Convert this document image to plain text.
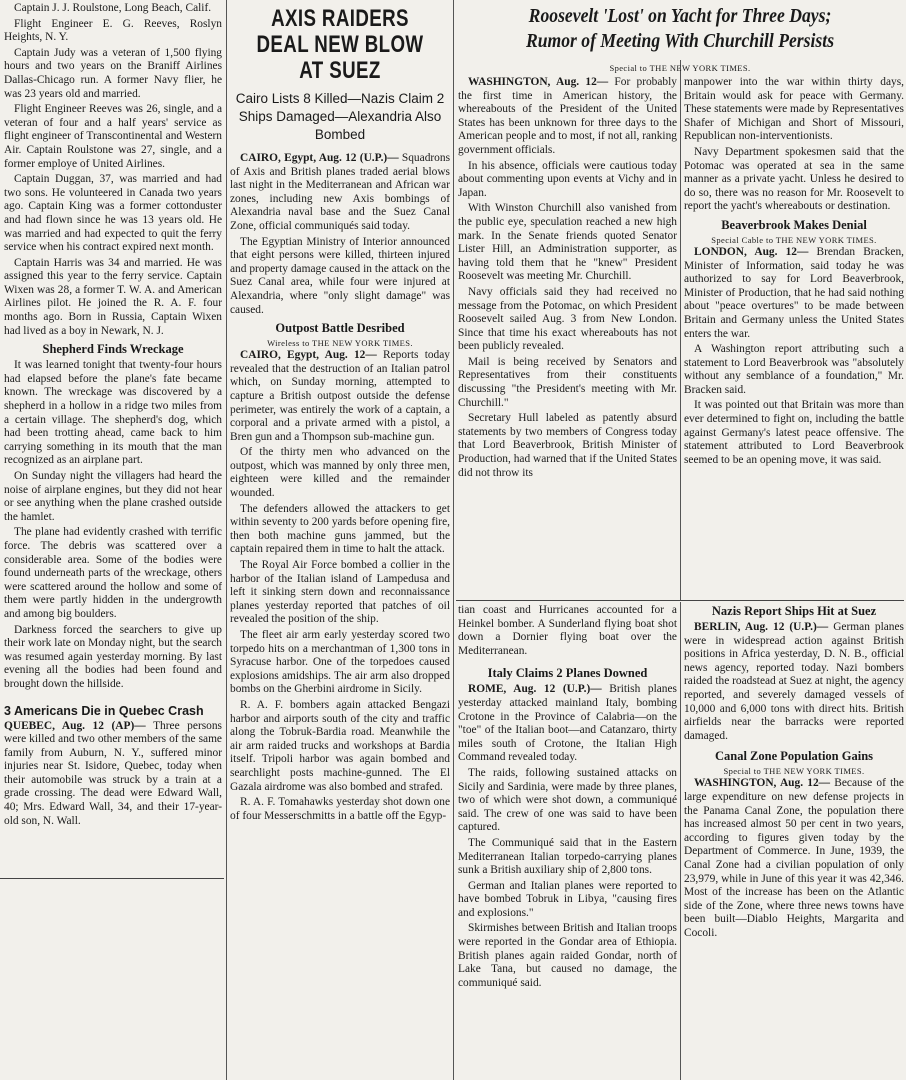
Captain J. J. Roulstone, Long Beach, Calif.

Flight Engineer E. G. Reeves, Roslyn Heights, N. Y.

Captain Judy was a veteran of 1,500 flying hours and two years on the Braniff Airlines Dallas-Chicago run. A former Navy flier, he was 23 years old and married.

Flight Engineer Reeves was 26, single, and a veteran of four and a half years' service as flight engineer of Transcontinental and Western Air. Captain Roulstone was 27, single, and a former employe of United Airlines.

Captain Duggan, 37, was married and had two sons. He volunteered in Canada two years ago. Captain King was a former cottonduster and had flown since he was 13 years old. He was married and had expected to quit the ferry service when his contract expired next month.

Captain Harris was 34 and married. He was assigned this year to the ferry service. Captain Wixen was 28, a former T. W. A. and American Airlines pilot. He joined the R. A. F. four months ago. Born in Russia, Captain Wixen had lived as a boy in Newark, N. J.

Shepherd Finds Wreckage

It was learned tonight that twenty-four hours had elapsed before the plane's fate became known. The wreckage was discovered by a shepherd in a hollow in a ridge two miles from a certain village. The shepherd's dog, which had been trotting ahead, came back to him carrying something in its mouth that the man recognized as an airplane part.

On Sunday night the villagers had heard the noise of airplane engines, but they did not hear or see anything when the plane crashed outside the hamlet.

The plane had evidently crashed with terrific force. The debris was scattered over a considerable area. Some of the bodies were found underneath parts of the wreckage, others were scattered around the hollow and some of them were partly hidden in the undergrowth and among big boulders.

Darkness forced the searchers to give up their work late on Monday night, but the search was resumed again yesterday morning. By last evening all the bodies had been found and brought down the hillside.

3 Americans Die in Quebec Crash

QUEBEC, Aug. 12 (AP)— Three persons were killed and two other members of the same family from Auburn, N. Y., suffered minor injuries near St. Isidore, Quebec, today when their automobile was struck by a train at a grade crossing. The dead were Edward Wall, 40; Mrs. Edward Wall, 34, and their 17-year-old son, N. Wall.

AXIS RAIDERS DEAL NEW BLOW AT SUEZ
Cairo Lists 8 Killed—Nazis Claim 2 Ships Damaged—Alexandria Also Bombed

CAIRO, Egypt, Aug. 12 (U.P.)— Squadrons of Axis and British planes traded aerial blows last night in the Mediterranean and African war zones, including new Axis bombings of Alexandria naval base and the Suez Canal Zone, official communiqués said today.

The Egyptian Ministry of Interior announced that eight persons were killed, thirteen injured and property damage caused in the attack on the Suez Canal area, while four were injured at Alexandria, where "only slight damage" was caused.

Outpost Battle Desribed
Wireless to THE NEW YORK TIMES.

CAIRO, Egypt, Aug. 12— Reports today revealed that the destruction of an Italian patrol which, on Sunday morning, attempted to capture a British outpost outside the defense perimeter, was entirely the work of a captain, a corporal and a private armed with a pistol, a Bren gun and a Thompson sub-machine gun.

Of the thirty men who advanced on the outpost, which was manned by only three men, eighteen were killed and the remainder wounded.

The defenders allowed the attackers to get within seventy to 200 yards before opening fire, then both machine guns jammed, but the captain repaired them in time to halt the attack.

The Royal Air Force bombed a collier in the harbor of the Italian island of Lampedusa and left it sinking stern down and reconnaissance planes yesterday reported that patches of oil revealed the position of the ship.

The fleet air arm early yesterday scored two torpedo hits on a merchantman of 1,300 tons in Syracuse harbor. One of the torpedoes caused explosions amidships. The air arm also dropped bombs on the Gherbini airdrome in Sicily.

R. A. F. bombers again attacked Bengazi harbor and airports south of the city and traffic along the Tobruk-Bardia road. Meanwhile the air arm raided trucks and workshops at Bardia itself. Tripoli harbor was again bombed and searchlight posts machine-gunned. The El Gazala airdrome was also bombed and strafed.

R. A. F. Tomahawks yesterday shot down one of four Messerschmitts in a battle off the Egyp-

Roosevelt 'Lost' on Yacht for Three Days;
Rumor of Meeting With Churchill Persists
Special to THE NEW YORK TIMES.

WASHINGTON, Aug. 12— For probably the first time in American history, the whereabouts of the President of the United States has been unknown for three days to the American people and to most, if not all, ranking government officials.

In his absence, officials were cautious today about commenting upon events at Vichy and in Japan.

With Winston Churchill also vanished from the public eye, speculation reached a new high mark. In the Senate friends quoted Senator Lister Hill, an Administration supporter, as having told them that he "knew" President Roosevelt was meeting Mr. Churchill.

Navy officials said they had received no message from the Potomac, on which President Roosevelt sailed Aug. 3 from New London. Since that time his exact whereabouts has not been publicly revealed.

Mail is being received by Senators and Representatives from their constituents discussing "the President's meeting with Mr. Churchill."

Secretary Hull labeled as patently absurd statements by two members of Congress today that Lord Beaverbrook, British Minister of Production, had warned that if the United States did not throw its

manpower into the war within thirty days, Britain would ask for peace with Germany. These statements were made by Representatives Shafer of Michigan and Short of Missouri, Republican non-interventionists.

Navy Department spokesmen said that the Potomac was operated at sea in the same manner as a private yacht. Unless he desired to do so, there was no reason for Mr. Roosevelt to report the yacht's whereabouts or destination.

Beaverbrook Makes Denial
Special Cable to THE NEW YORK TIMES.

LONDON, Aug. 12— Brendan Bracken, Minister of Information, said today he was authorized to say for Lord Beaverbrook, Minister of Production, that he had said nothing about "peace overtures" to be made between Britain and Germany unless the United States enters the war.

A Washington report attributing such a statement to Lord Beaverbrook was "absolutely without any semblance of a foundation," Mr. Bracken said.

It was pointed out that Britain was more than ever determined to fight on, including the battle against Germany's latest peace offensive. The statement attributed to Lord Beaverbrook seemed to be an opening move, it was said.

tian coast and Hurricanes accounted for a Heinkel bomber. A Sunderland flying boat shot down a Dornier flying boat over the Mediterranean.

Italy Claims 2 Planes Downed

ROME, Aug. 12 (U.P.)— British planes yesterday attacked mainland Italy, bombing Crotone in the Province of Calabria—on the "toe" of the Italian boot—and Catanzaro, thirty miles south of Crotone, the Italian High Command revealed today.

The raids, following sustained attacks on Sicily and Sardinia, were made by three planes, two of which were shot down, a communiqué said. The crew of one was said to have been captured.

The Communiqué said that in the Eastern Mediterranean Italian torpedo-carrying planes sunk a British auxiliary ship of 2,800 tons.

German and Italian planes were reported to have bombed Tobruk in Libya, "causing fires and explosions."

Skirmishes between British and Italian troops were reported in the Gondar area of Ethiopia. British planes again raided Gondar, north of Lake Tana, but caused no damage, the communiqué said.

Nazis Report Ships Hit at Suez

BERLIN, Aug. 12 (U.P.)— German planes were in widespread action against British positions in Africa yesterday, D. N. B., official news agency, reported today. Nazi bombers raided the roadstead at Suez at night, the agency reported, and severely damaged vessels of 10,000 and 6,000 tons with direct hits. British airfields near the barracks were reported damaged.

Canal Zone Population Gains
Special to THE NEW YORK TIMES.

WASHINGTON, Aug. 12— Because of the large expenditure on new defense projects in the Panama Canal Zone, the population there has increased almost 50 per cent in two years, according to figures given today by the Department of Commerce. In June, 1939, the Canal Zone had a civilian population of only 23,979, while in June of this year it was 42,346. Most of the increase has been on the Atlantic side of the Zone, where three news towns have been built—Diablo Heights, Margarita and Cocoli.
